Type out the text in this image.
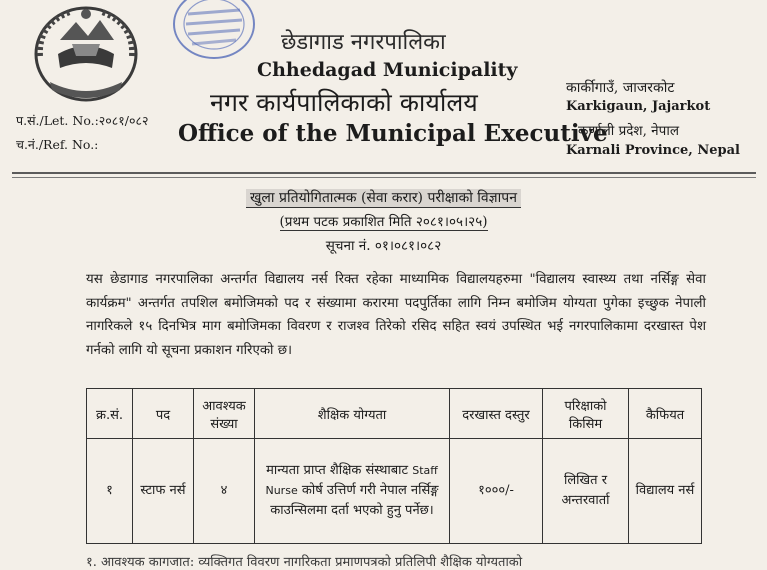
छेडागाड नगरपालिका
Chhedagad Municipality
नगर कार्यपालिकाको कार्यालय
Office of the Municipal Executive
प.सं./Let. No.:२०८१/०८२
च.नं./Ref. No.:
कार्कीगाउँ, जाजरकोट
Karkigaun, Jajarkot
कर्णाली प्रदेश, नेपाल
Karnali Province, Nepal
खुला प्रतियोगितात्मक (सेवा करार) परीक्षाको विज्ञापन
(प्रथम पटक प्रकाशित मिति २०८१।०५।२५)
सूचना नं. ०१।०८१।०८२
यस छेडागाड नगरपालिका अन्तर्गत विद्यालय नर्स रिक्त रहेका माध्यामिक विद्यालयहरुमा "विद्यालय स्वास्थ्य तथा नर्सिङ्ग सेवा कार्यक्रम" अन्तर्गत तपशिल बमोजिमको पद र संख्यामा करारमा पदपुर्तिका लागि निम्न बमोजिम योग्यता पुगेका इच्छुक नेपाली नागरिकले १५ दिनभित्र माग बमोजिमका विवरण र राजश्व तिरेको रसिद सहित स्वयं उपस्थित भई नगरपालिकामा दरखास्त पेश गर्नको लागि यो सूचना प्रकाशन गरिएको छ।
क्र.सं.	पद	आवश्यक संख्या	शैक्षिक योग्यता	दरखास्त दस्तुर	परिक्षाको किसिम	कैफियत
१	स्टाफ नर्स	४	मान्यता प्राप्त शैक्षिक संस्थाबाट Staff Nurse कोर्ष उत्तिर्ण गरी नेपाल नर्सिङ्ग काउन्सिलमा दर्ता भएको हुनु पर्नेछ।	१०००/-	लिखित र अन्तरवार्ता	विद्यालय नर्स
१. आवश्यक कागजात: व्यक्तिगत विवरण नागरिकता प्रमाणपत्रको प्रतिलिपी शैक्षिक योग्यताको
